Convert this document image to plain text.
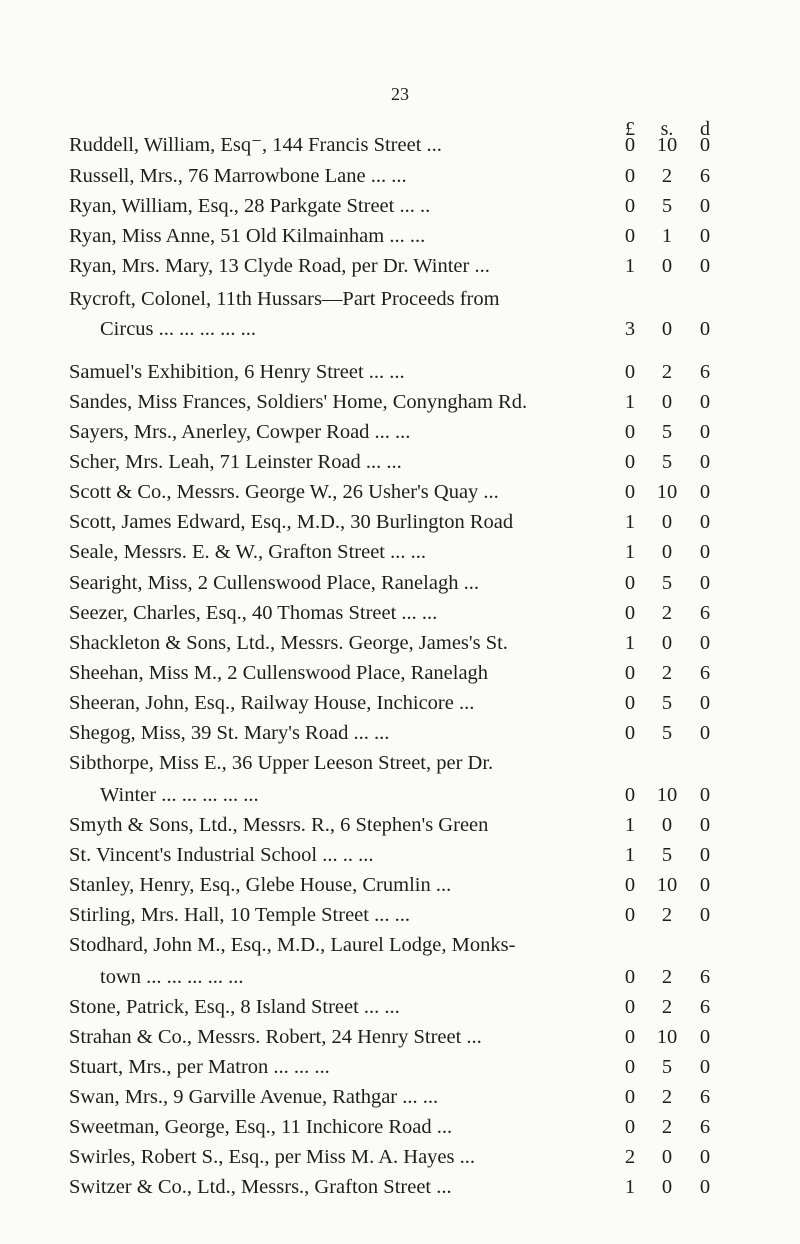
23
£	s.	d
Ruddell, William, Esq⁻, 144 Francis Street ...	0	10	0
Russell, Mrs., 76 Marrowbone Lane ... ...	0	2	6
Ryan, William, Esq., 28 Parkgate Street ... ..	0	5	0
Ryan, Miss Anne, 51 Old Kilmainham ... ...	0	1	0
Ryan, Mrs. Mary, 13 Clyde Road, per Dr. Winter ...	1	0	0
Rycroft, Colonel, 11th Hussars—Part Proceeds from
Circus ... ... ... ... ...	3	0	0
Samuel's Exhibition, 6 Henry Street ... ...	0	2	6
Sandes, Miss Frances, Soldiers' Home, Conyngham Rd.	1	0	0
Sayers, Mrs., Anerley, Cowper Road ... ...	0	5	0
Scher, Mrs. Leah, 71 Leinster Road ... ...	0	5	0
Scott & Co., Messrs. George W., 26 Usher's Quay ...	0	10	0
Scott, James Edward, Esq., M.D., 30 Burlington Road	1	0	0
Seale, Messrs. E. & W., Grafton Street ... ...	1	0	0
Searight, Miss, 2 Cullenswood Place, Ranelagh ...	0	5	0
Seezer, Charles, Esq., 40 Thomas Street ... ...	0	2	6
Shackleton & Sons, Ltd., Messrs. George, James's St.	1	0	0
Sheehan, Miss M., 2 Cullenswood Place, Ranelagh	0	2	6
Sheeran, John, Esq., Railway House, Inchicore ...	0	5	0
Shegog, Miss, 39 St. Mary's Road ... ...	0	5	0
Sibthorpe, Miss E., 36 Upper Leeson Street, per Dr.
Winter ... ... ... ... ...	0	10	0
Smyth & Sons, Ltd., Messrs. R., 6 Stephen's Green	1	0	0
St. Vincent's Industrial School ... .. ...	1	5	0
Stanley, Henry, Esq., Glebe House, Crumlin ...	0	10	0
Stirling, Mrs. Hall, 10 Temple Street ... ...	0	2	0
Stodhard, John M., Esq., M.D., Laurel Lodge, Monks-
town ... ... ... ... ...	0	2	6
Stone, Patrick, Esq., 8 Island Street ... ...	0	2	6
Strahan & Co., Messrs. Robert, 24 Henry Street ...	0	10	0
Stuart, Mrs., per Matron ... ... ...	0	5	0
Swan, Mrs., 9 Garville Avenue, Rathgar ... ...	0	2	6
Sweetman, George, Esq., 11 Inchicore Road ...	0	2	6
Swirles, Robert S., Esq., per Miss M. A. Hayes ...	2	0	0
Switzer & Co., Ltd., Messrs., Grafton Street ...	1	0	0
